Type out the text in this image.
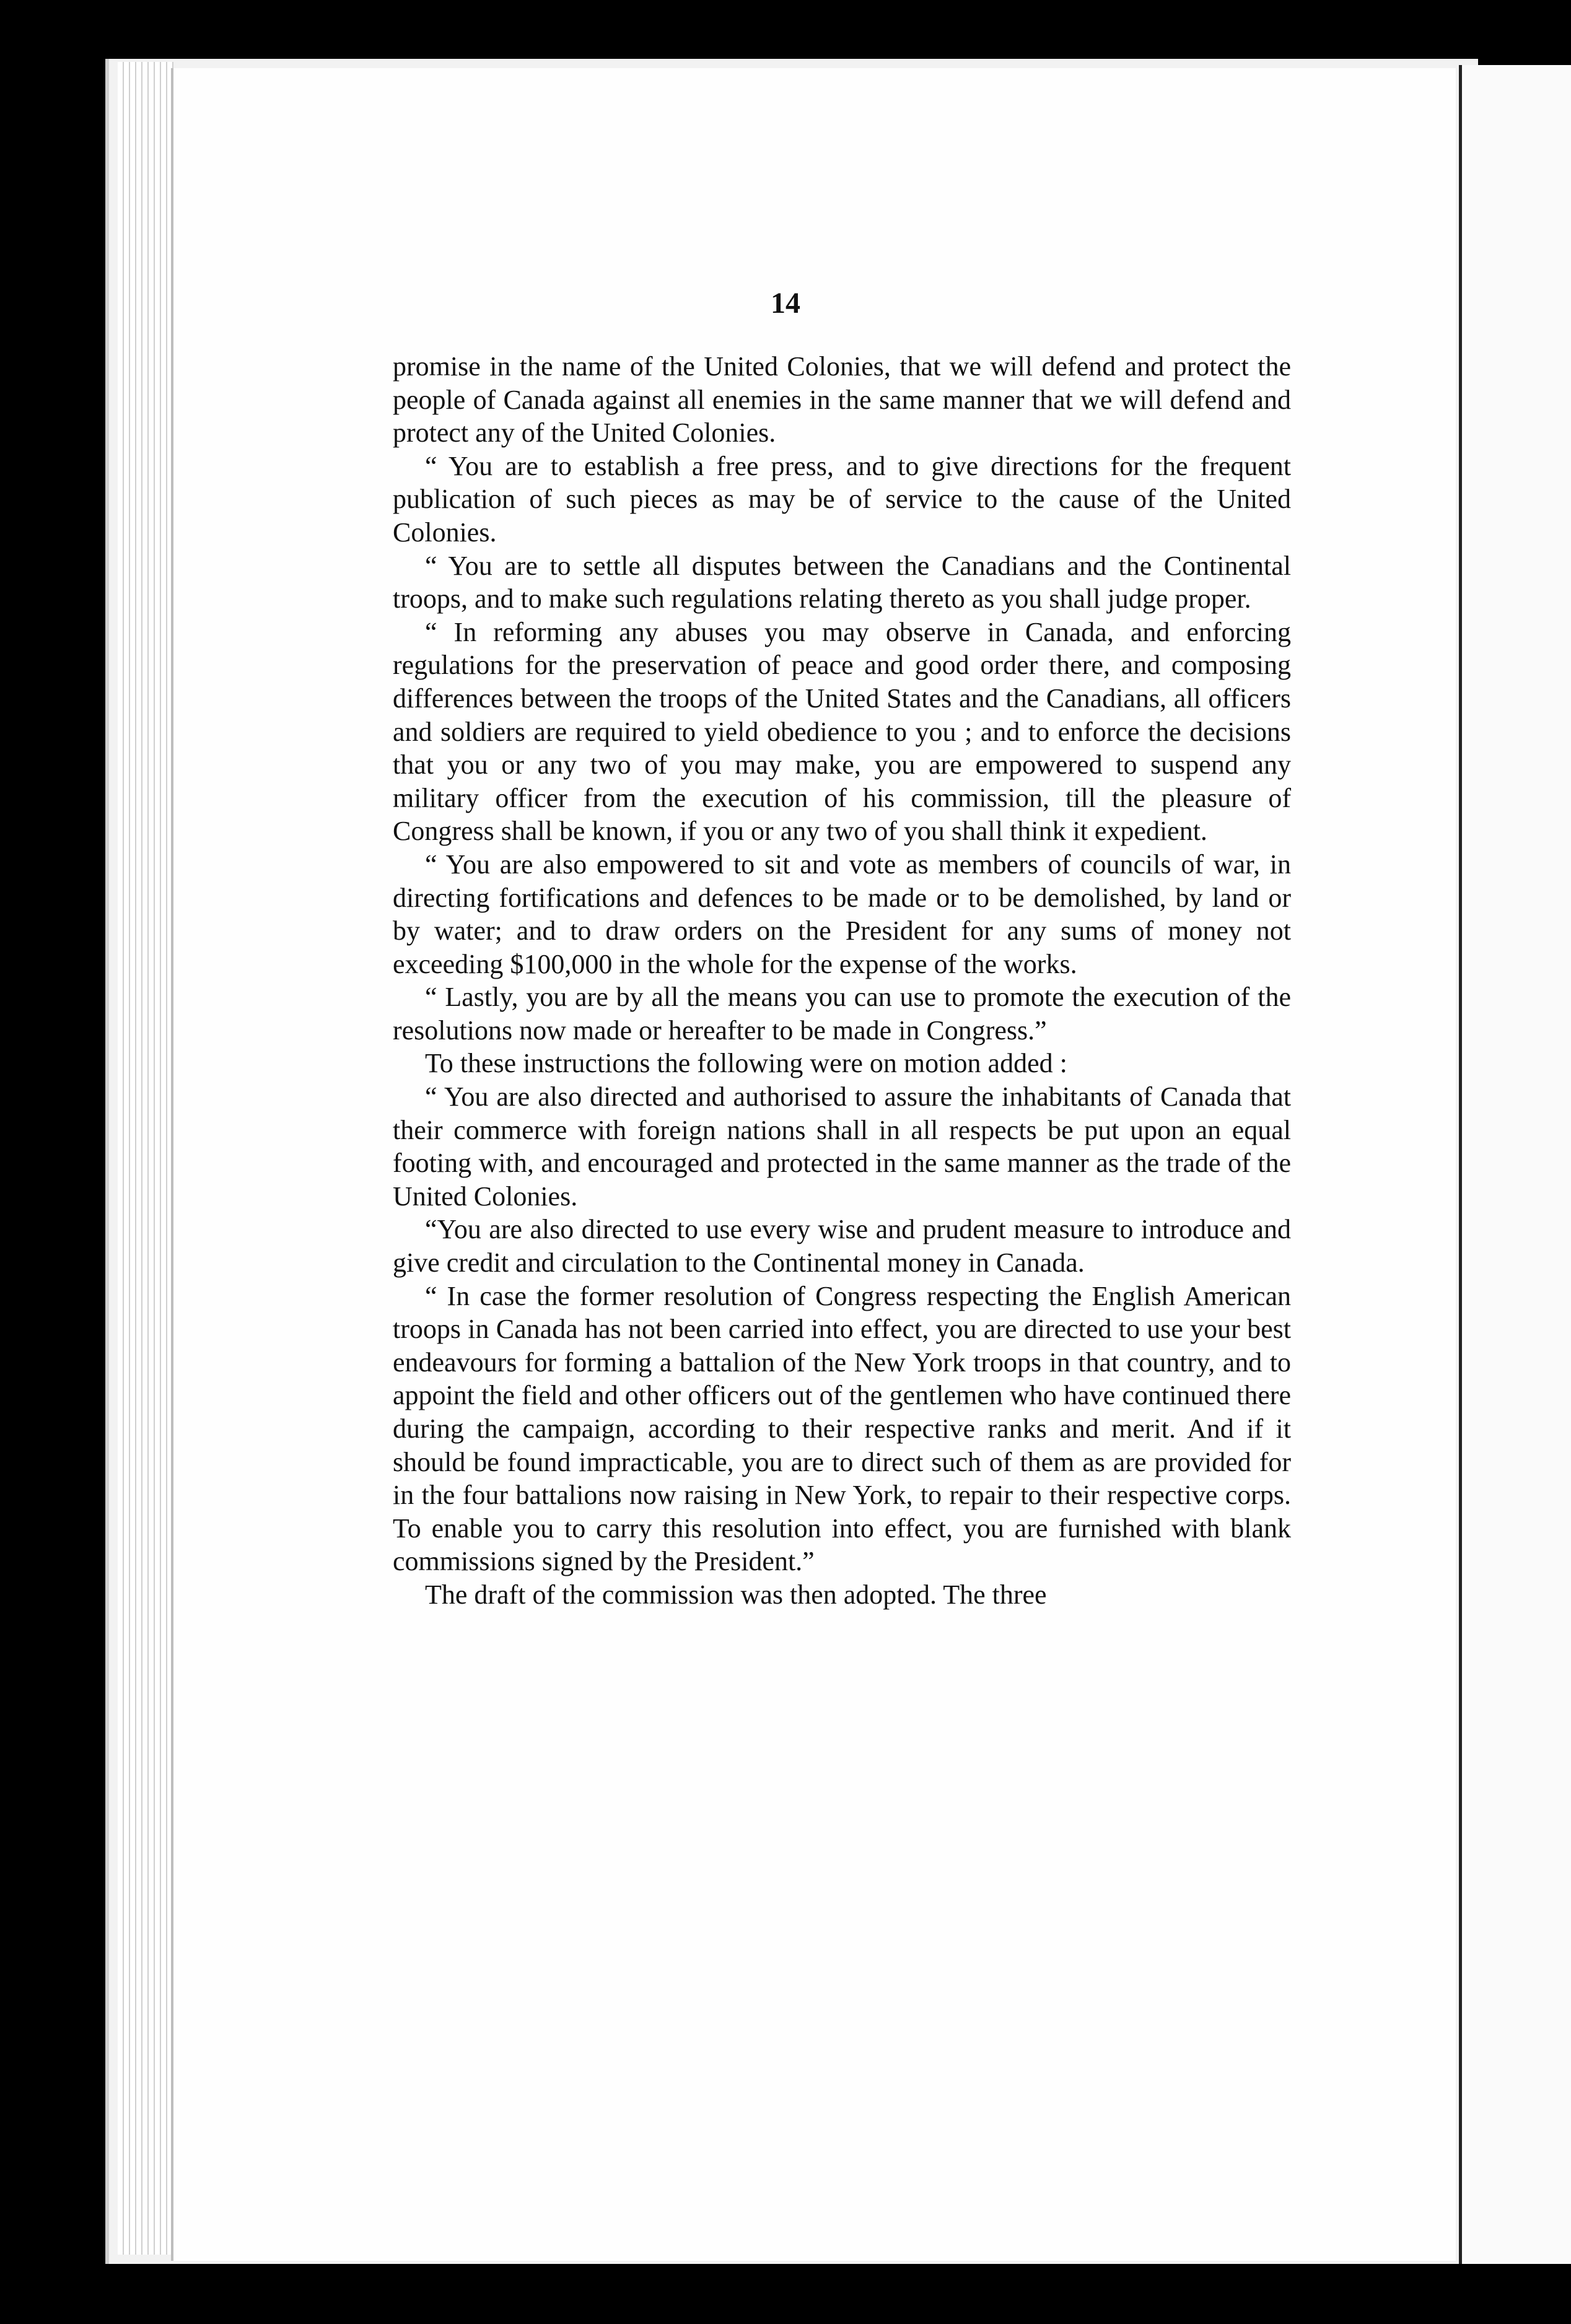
14

promise in the name of the United Colonies, that we will defend and protect the people of Canada against all enemies in the same manner that we will defend and protect any of the United Colonies.

“ You are to establish a free press, and to give directions for the frequent publication of such pieces as may be of service to the cause of the United Colonies.

“ You are to settle all disputes between the Canadians and the Continental troops, and to make such regulations relating thereto as you shall judge proper.

“ In reforming any abuses you may observe in Canada, and enforcing regulations for the preservation of peace and good order there, and composing differences between the troops of the United States and the Canadians, all officers and soldiers are required to yield obedience to you ; and to enforce the decisions that you or any two of you may make, you are empowered to suspend any military officer from the execution of his commission, till the pleasure of Congress shall be known, if you or any two of you shall think it expedient.

“ You are also empowered to sit and vote as members of councils of war, in directing fortifications and defences to be made or to be demolished, by land or by water; and to draw orders on the President for any sums of money not exceeding $100,000 in the whole for the expense of the works.

“ Lastly, you are by all the means you can use to promote the execution of the resolutions now made or hereafter to be made in Congress.”

To these instructions the following were on motion added :

“ You are also directed and authorised to assure the inhabitants of Canada that their commerce with foreign nations shall in all respects be put upon an equal footing with, and encouraged and protected in the same manner as the trade of the United Colonies.

“You are also directed to use every wise and prudent measure to introduce and give credit and circulation to the Continental money in Canada.

“ In case the former resolution of Congress respecting the English American troops in Canada has not been carried into effect, you are directed to use your best endeavours for forming a battalion of the New York troops in that country, and to appoint the field and other officers out of the gentlemen who have continued there during the campaign, according to their respective ranks and merit. And if it should be found impracticable, you are to direct such of them as are provided for in the four battalions now raising in New York, to repair to their respective corps. To enable you to carry this resolution into effect, you are furnished with blank commissions signed by the President.”

The draft of the commission was then adopted. The three
